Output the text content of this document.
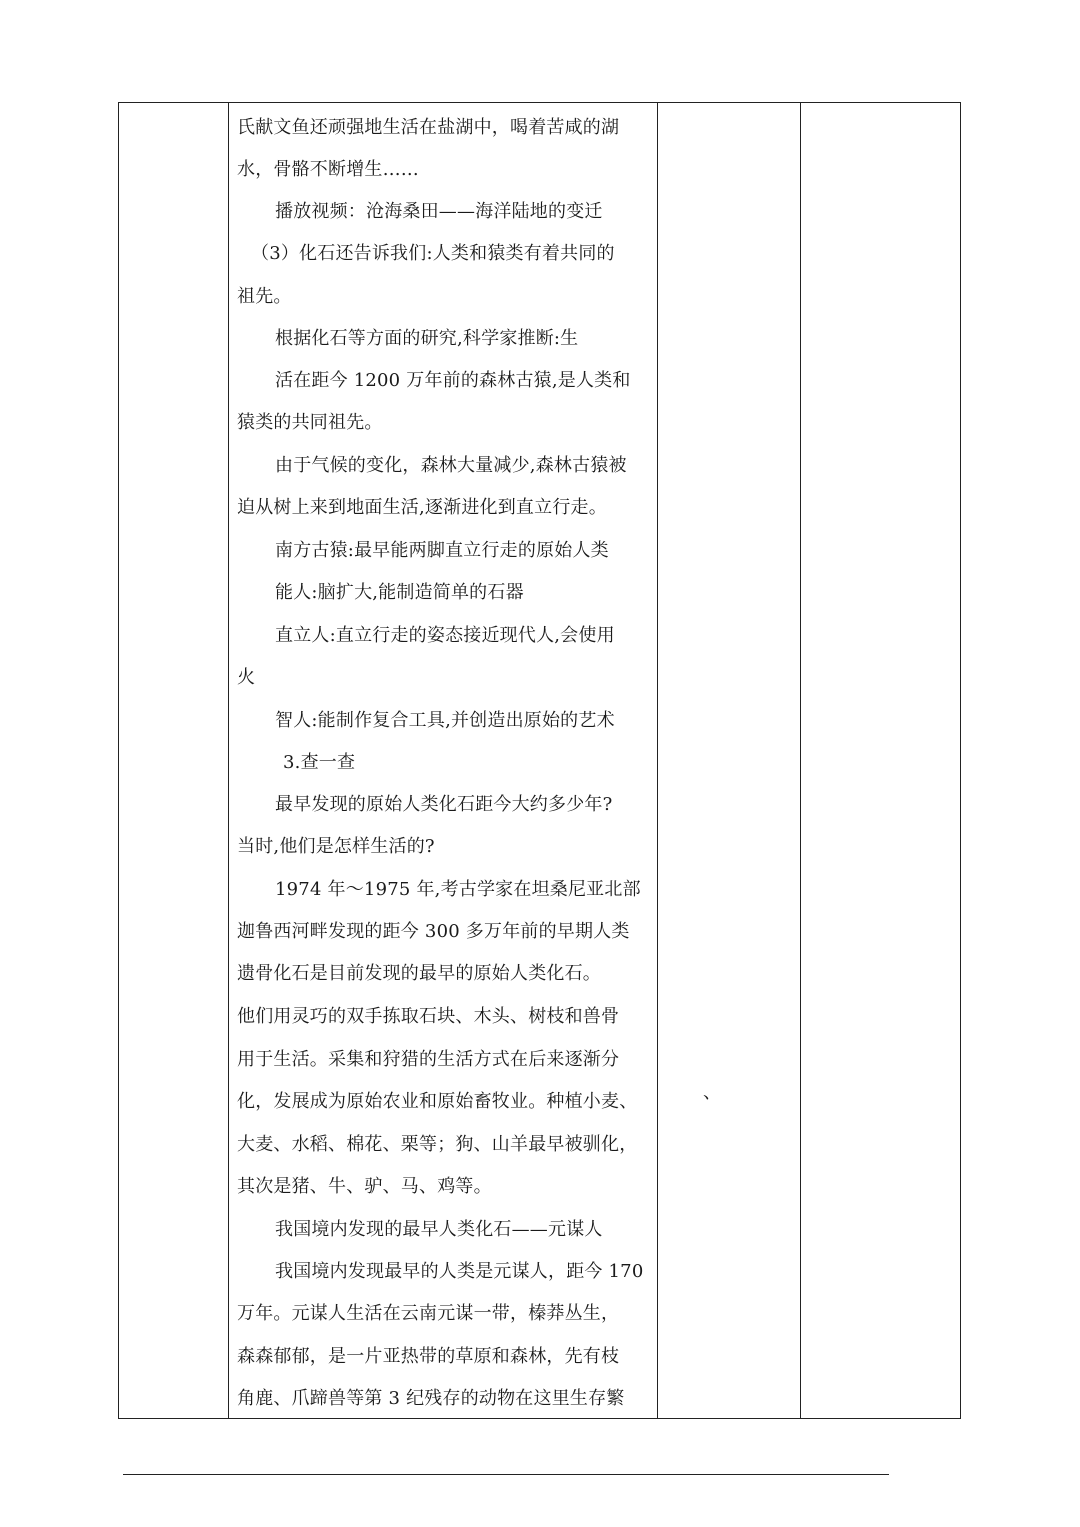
氏献文鱼还顽强地生活在盐湖中，喝着苦咸的湖
水，骨骼不断增生……
播放视频：沧海桑田——海洋陆地的变迁
（3）化石还告诉我们:人类和猿类有着共同的
祖先。
根据化石等方面的研究,科学家推断:生
活在距今 1200 万年前的森林古猿,是人类和
猿类的共同祖先。
由于气候的变化，森林大量减少,森林古猿被
迫从树上来到地面生活,逐渐进化到直立行走。
南方古猿:最早能两脚直立行走的原始人类
能人:脑扩大,能制造简单的石器
直立人:直立行走的姿态接近现代人,会使用
火
智人:能制作复合工具,并创造出原始的艺术
3.查一查
最早发现的原始人类化石距今大约多少年?
当时,他们是怎样生活的?
1974 年～1975 年,考古学家在坦桑尼亚北部
迦鲁西河畔发现的距今 300 多万年前的早期人类
遗骨化石是目前发现的最早的原始人类化石。
他们用灵巧的双手拣取石块、木头、树枝和兽骨
用于生活。采集和狩猎的生活方式在后来逐渐分
化，发展成为原始农业和原始畜牧业。种植小麦、
大麦、水稻、棉花、栗等；狗、山羊最早被驯化，
其次是猪、牛、驴、马、鸡等。
我国境内发现的最早人类化石——元谋人
我国境内发现最早的人类是元谋人，距今 170
万年。元谋人生活在云南元谋一带，榛莽丛生，
森森郁郁，是一片亚热带的草原和森林，先有枝
角鹿、爪蹄兽等第 3 纪残存的动物在这里生存繁
、
